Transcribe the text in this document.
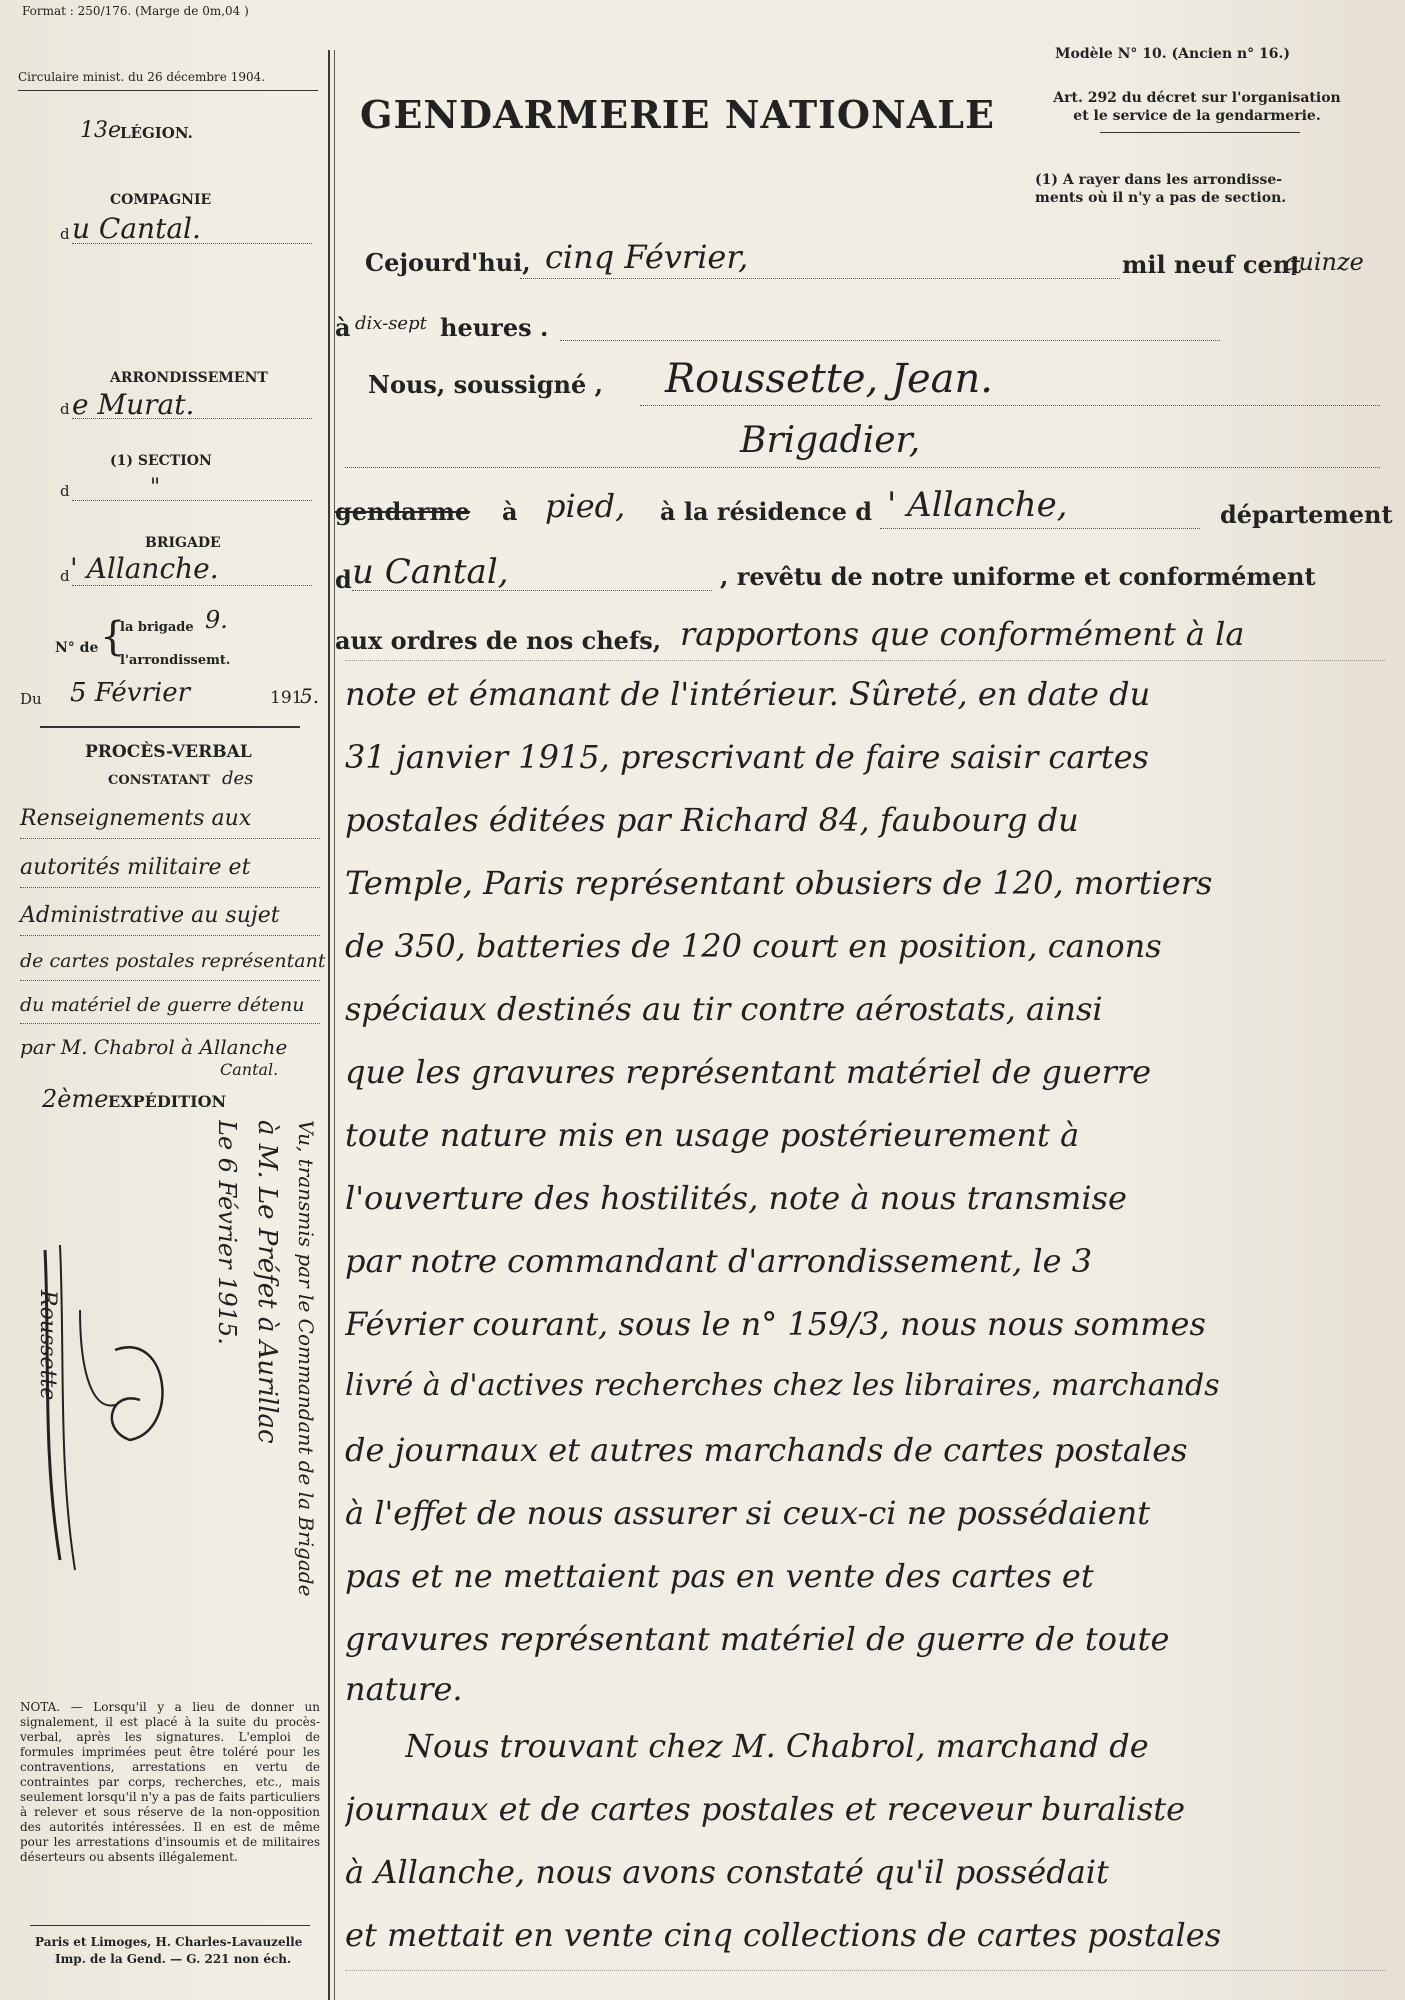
Format : 250/176. (Marge de 0m,04 )
Circulaire minist. du 26 décembre 1904.
GENDARMERIE NATIONALE
Modèle N° 10. (Ancien n° 16.)
Art. 292 du décret sur l'organisation
et le service de la gendarmerie.
(1) A rayer dans les arrondisse-
ments où il n'y a pas de section.
13e
LÉGION.
COMPAGNIE
d u Cantal.
ARRONDISSEMENT
d e Murat.
(1) SECTION
d	"
BRIGADE
d ' Allanche.
N° de {
la brigade 9.
l'arrondissemt.
Du 5 Février	191
5.
PROCÈS-VERBAL
CONSTATANT des
Renseignements aux
autorités militaire et
Administrative au sujet
de cartes postales représentant
du matériel de guerre détenu
par M. Chabrol à Allanche
Cantal.
2ème EXPÉDITION
Vu, transmis par le Commandant de la Brigade
à M. Le Préfet à Aurillac
Le 6 Février 1915.
Roussette
NOTA. — Lorsqu'il y a lieu de donner un signalement, il est placé à la suite du procès-verbal, après les signatures. L'emploi de formules imprimées peut être toléré pour les contraventions, arrestations en vertu de contraintes par corps, recherches, etc., mais seulement lorsqu'il n'y a pas de faits particuliers à relever et sous réserve de la non-opposition des autorités intéressées. Il en est de même pour les arrestations d'insoumis et de militaires déserteurs ou absents illégalement.
Paris et Limoges, H. Charles-Lavauzelle
Imp. de la Gend. — G. 221 non éch.
Cejourd'hui, cinq Février,	mil neuf cent
quinze
à dix-sept heures .
Nous, soussigné , Roussette, Jean.
Brigadier,
gendarme à pied, à la résidence d ' Allanche,	département
d u Cantal,	, revêtu de notre uniforme et conformément
aux ordres de nos chefs, rapportons que conformément à la
note et émanant de l'intérieur. Sûreté, en date du
31 janvier 1915, prescrivant de faire saisir cartes
postales éditées par Richard 84, faubourg du
Temple, Paris représentant obusiers de 120, mortiers
de 350, batteries de 120 court en position, canons
spéciaux destinés au tir contre aérostats, ainsi
que les gravures représentant matériel de guerre
toute nature mis en usage postérieurement à
l'ouverture des hostilités, note à nous transmise
par notre commandant d'arrondissement, le 3
Février courant, sous le n° 159/3, nous nous sommes
livré à d'actives recherches chez les libraires, marchands
de journaux et autres marchands de cartes postales
à l'effet de nous assurer si ceux-ci ne possédaient
pas et ne mettaient pas en vente des cartes et
gravures représentant matériel de guerre de toute
nature.
Nous trouvant chez M. Chabrol, marchand de
journaux et de cartes postales et receveur buraliste
à Allanche, nous avons constaté qu'il possédait
et mettait en vente cinq collections de cartes postales
